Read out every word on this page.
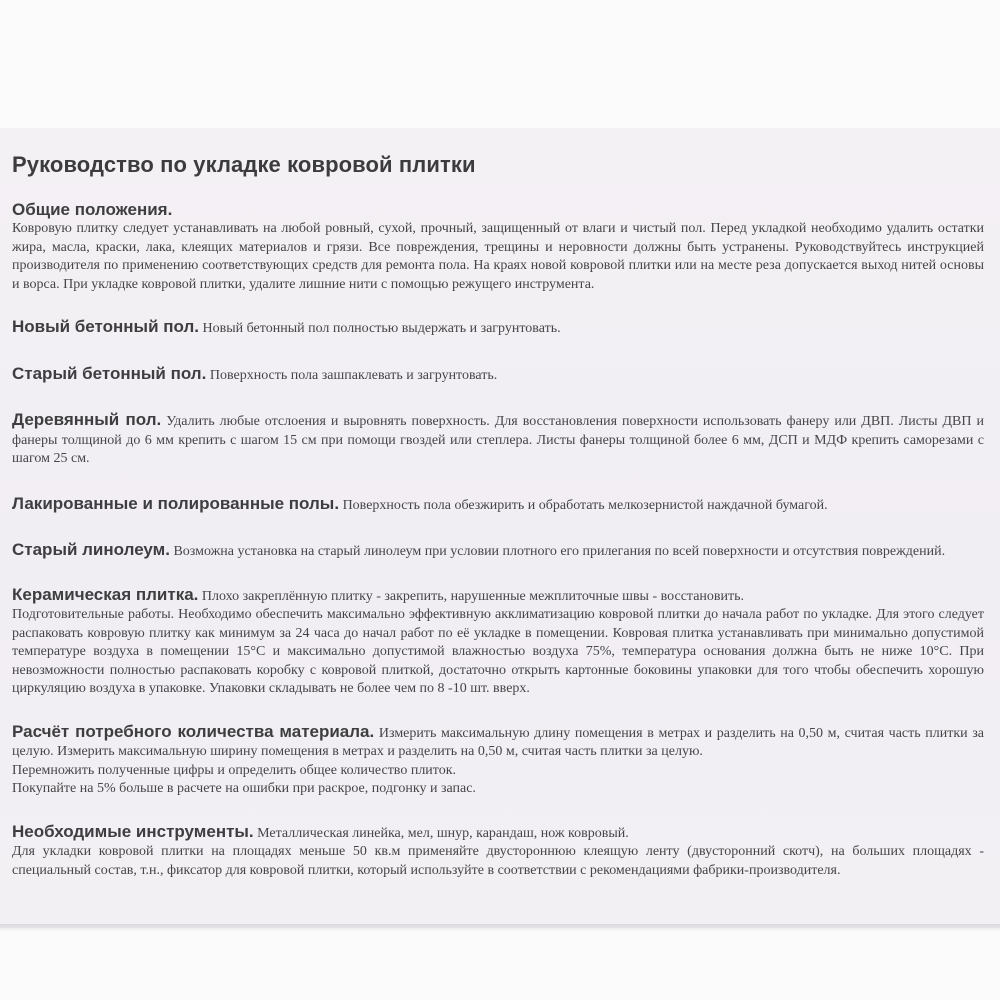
Руководство по укладке ковровой плитки
Общие положения.

Ковровую плитку следует устанавливать на любой ровный, сухой, прочный, защищенный от влаги и чистый пол. Перед укладкой необходимо удалить остатки жира, масла, краски, лака, клеящих материалов и грязи. Все повреждения, трещины и неровности должны быть устранены. Руководствуйтесь инструкцией производителя по применению соответствующих средств для ремонта пола. На краях новой ковровой плитки или на месте реза допускается выход нитей основы и ворса. При укладке ковровой плитки, удалите лишние нити с помощью режущего инструмента.

Новый бетонный пол. Новый бетонный пол полностью выдержать и загрунтовать.

Старый бетонный пол. Поверхность пола зашпаклевать и загрунтовать.

Деревянный пол. Удалить любые отслоения и выровнять поверхность. Для восстановления поверхности использовать фанеру или ДВП. Листы ДВП и фанеры толщиной до 6 мм крепить с шагом 15 см при помощи гвоздей или степлера. Листы фанеры толщиной более 6 мм, ДСП и МДФ крепить саморезами с шагом 25 см.

Лакированные и полированные полы. Поверхность пола обезжирить и обработать мелкозернистой наждачной бумагой.

Старый линолеум. Возможна установка на старый линолеум при условии плотного его прилегания по всей поверхности и отсутствия повреждений.

Керамическая плитка. Плохо закреплённую плитку - закрепить, нарушенные межплиточные швы - восстановить.

Подготовительные работы. Необходимо обеспечить максимально эффективную акклиматизацию ковровой плитки до начала работ по укладке. Для этого следует распаковать ковровую плитку как минимум за 24 часа до начал работ по её укладке в помещении. Ковровая плитка устанавливать при минимально допустимой температуре воздуха в помещении 15°С и максимально допустимой влажностью воздуха 75%, температура основания должна быть не ниже 10°С. При невозможности полностью распаковать коробку с ковровой плиткой, достаточно открыть картонные боковины упаковки для того чтобы обеспечить хорошую циркуляцию воздуха в упаковке. Упаковки складывать не более чем по 8 -10 шт. вверх.

Расчёт потребного количества материала. Измерить максимальную длину помещения в метрах и разделить на 0,50 м, считая часть плитки за целую. Измерить максимальную ширину помещения в метрах и разделить на 0,50 м, считая часть плитки за целую.

Перемножить полученные цифры и определить общее количество плиток.

Покупайте на 5% больше в расчете на ошибки при раскрое, подгонку и запас.

Необходимые инструменты. Металлическая линейка, мел, шнур, карандаш, нож ковровый.

Для укладки ковровой плитки на площадях меньше 50 кв.м применяйте двустороннюю клеящую ленту (двусторонний скотч), на больших площадях - специальный состав, т.н., фиксатор для ковровой плитки, который используйте в соответствии с рекомендациями фабрики-производителя.
